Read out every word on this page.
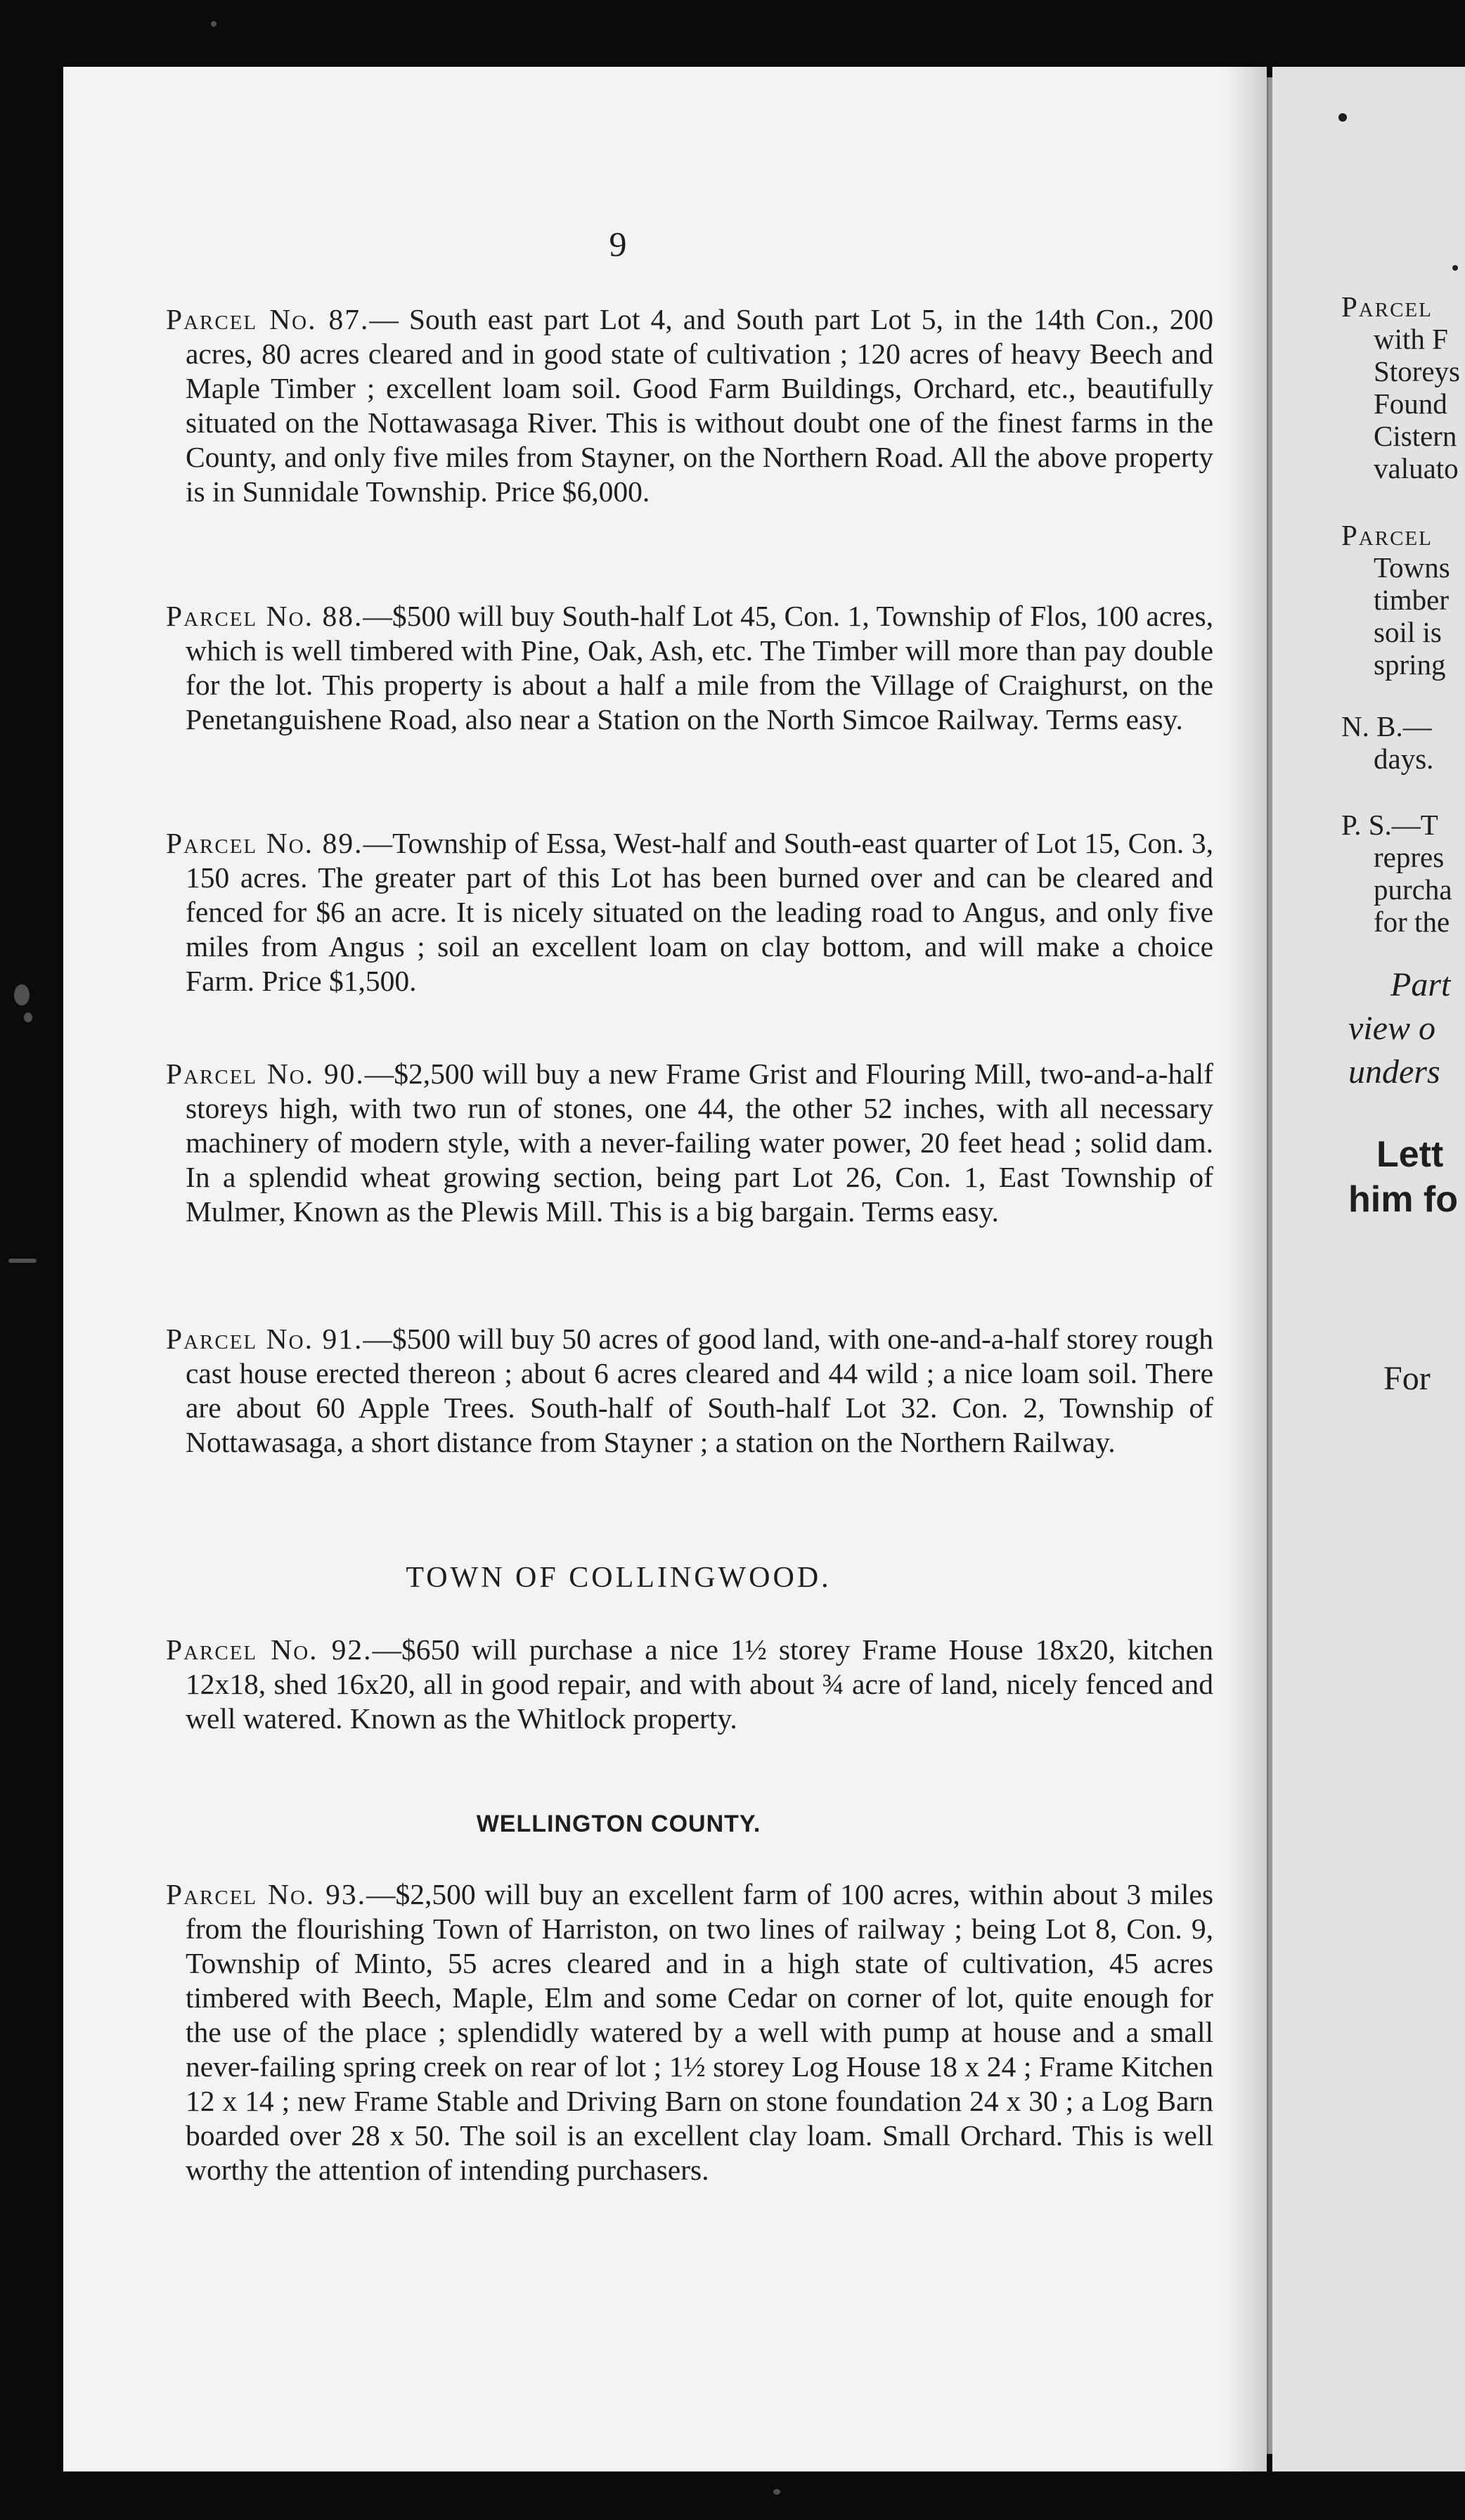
9
Parcel No. 87.— South east part Lot 4, and South part Lot 5, in the 14th Con., 200 acres, 80 acres cleared and in good state of cultivation ; 120 acres of heavy Beech and Maple Timber ; excellent loam soil. Good Farm Buildings, Orchard, etc., beautifully situated on the Nottawasaga River. This is without doubt one of the finest farms in the County, and only five miles from Stayner, on the Northern Road. All the above property is in Sunnidale Township. Price $6,000.
Parcel No. 88.—$500 will buy South-half Lot 45, Con. 1, Township of Flos, 100 acres, which is well timbered with Pine, Oak, Ash, etc. The Timber will more than pay double for the lot. This property is about a half a mile from the Village of Craighurst, on the Penetanguishene Road, also near a Station on the North Simcoe Railway. Terms easy.
Parcel No. 89.—Township of Essa, West-half and South-east quarter of Lot 15, Con. 3, 150 acres. The greater part of this Lot has been burned over and can be cleared and fenced for $6 an acre. It is nicely situated on the leading road to Angus, and only five miles from Angus ; soil an excellent loam on clay bottom, and will make a choice Farm. Price $1,500.
Parcel No. 90.—$2,500 will buy a new Frame Grist and Flouring Mill, two-and-a-half storeys high, with two run of stones, one 44, the other 52 inches, with all necessary machinery of modern style, with a never-failing water power, 20 feet head ; solid dam. In a splendid wheat growing section, being part Lot 26, Con. 1, East Township of Mulmer, Known as the Plewis Mill. This is a big bargain. Terms easy.
Parcel No. 91.—$500 will buy 50 acres of good land, with one-and-a-half storey rough cast house erected thereon ; about 6 acres cleared and 44 wild ; a nice loam soil. There are about 60 Apple Trees. South-half of South-half Lot 32. Con. 2, Township of Nottawasaga, a short distance from Stayner ; a station on the Northern Railway.
TOWN OF COLLINGWOOD.
Parcel No. 92.—$650 will purchase a nice 1½ storey Frame House 18x20, kitchen 12x18, shed 16x20, all in good repair, and with about ¾ acre of land, nicely fenced and well watered. Known as the Whitlock property.
WELLINGTON COUNTY.
Parcel No. 93.—$2,500 will buy an excellent farm of 100 acres, within about 3 miles from the flourishing Town of Harriston, on two lines of railway ; being Lot 8, Con. 9, Township of Minto, 55 acres cleared and in a high state of cultivation, 45 acres timbered with Beech, Maple, Elm and some Cedar on corner of lot, quite enough for the use of the place ; splendidly watered by a well with pump at house and a small never-failing spring creek on rear of lot ; 1½ storey Log House 18 x 24 ; Frame Kitchen 12 x 14 ; new Frame Stable and Driving Barn on stone foundation 24 x 30 ; a Log Barn boarded over 28 x 50. The soil is an excellent clay loam. Small Orchard. This is well worthy the attention of intending purchasers.
Parcel
with F
Storeys
Found
Cistern
valuato
Parcel
Towns
timber
soil is
spring
N. B.—
days.
P. S.—T
repres
purcha
for the
Part
view o
unders
Lett
him fo
For
